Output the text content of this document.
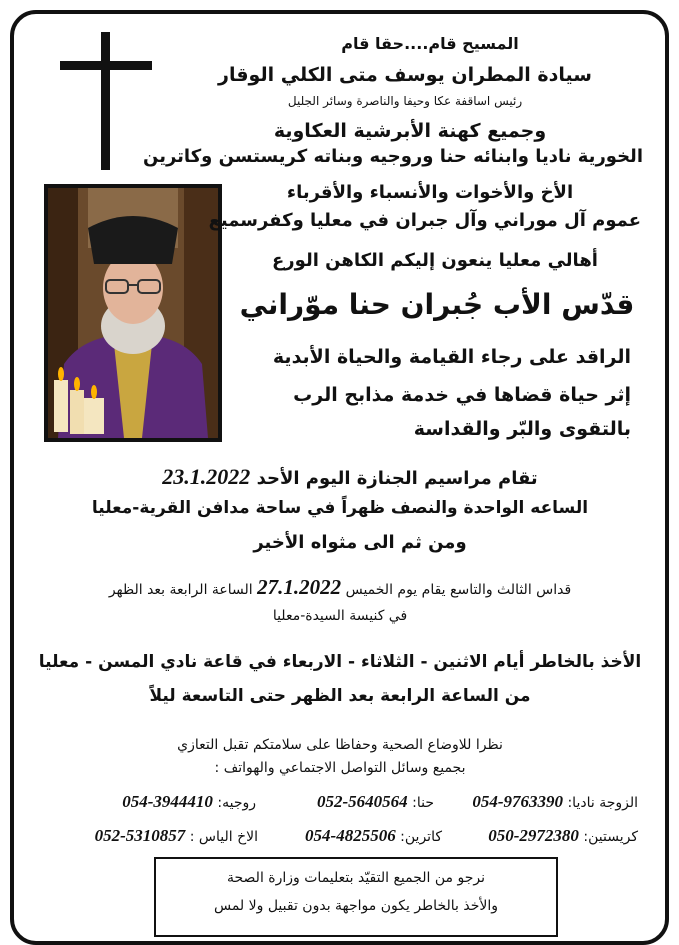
المسيح قام....حقا قام
سيادة المطران يوسف متى الكلي الوقار
رئيس اساقفة عكا وحيفا والناصرة وسائر الجليل
وجميع كهنة الأبرشية العكاوية
الخورية ناديا وابنائه حنا وروجيه وبناته كريستسن وكاترين
الأخ والأخوات والأنسباء والأقرباء
عموم آل موراني وآل جبران في معليا وكفرسميع
أهالي معليا ينعون إليكم الكاهن الورع
قدّس الأب جُبران حنا موّراني
الراقد على رجاء القيامة والحياة الأبدية
إثر حياة قضاها في خدمة مذابح الرب
بالتقوى والبّر والقداسة
تقام مراسيم الجنازة اليوم الأحد 23.1.2022
الساعه الواحدة والنصف ظهراً في ساحة مدافن القرية-معليا
ومن ثم الى مثواه الأخير
قداس الثالث والتاسع يقام يوم الخميس 27.1.2022 الساعة الرابعة بعد الظهر
في كنيسة السيدة-معليا
الأخذ بالخاطر أيام الاثنين - الثلاثاء - الاربعاء في قاعة نادي المسن - معليا
من الساعة الرابعة بعد الظهر حتى التاسعة ليلاً
نظرا للاوضاع الصحية وحفاظا على سلامتكم تقبل التعازي
بجميع وسائل التواصل الاجتماعي والهواتف :
الزوجة ناديا: 054-9763390
حنا: 052-5640564
روجيه: 054-3944410
كريستين: 050-2972380
كاترين: 054-4825506
الاخ الياس : 052-5310857
نرجو من الجميع التقيّد بتعليمات وزارة الصحة
والأخذ بالخاطر يكون مواجهة بدون تقبيل ولا لمس
